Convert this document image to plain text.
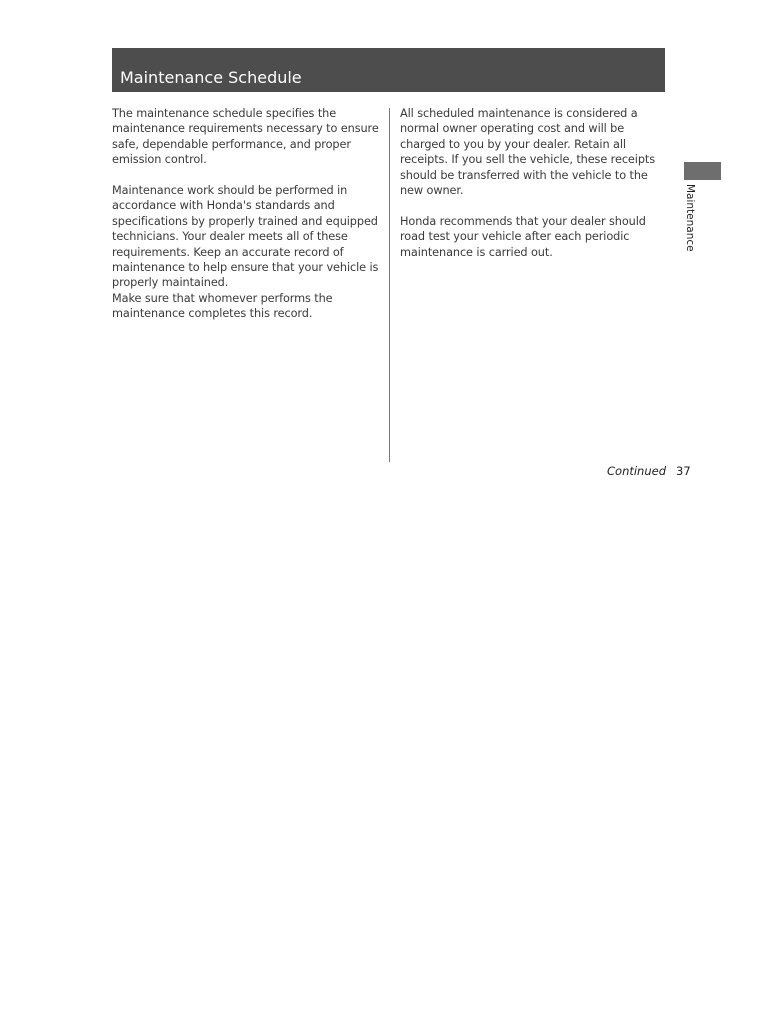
Maintenance Schedule

The maintenance schedule specifies the maintenance requirements necessary to ensure safe, dependable performance, and proper emission control.

Maintenance work should be performed in accordance with Honda's standards and specifications by properly trained and equipped technicians. Your dealer meets all of these requirements. Keep an accurate record of maintenance to help ensure that your vehicle is properly maintained.

Make sure that whomever performs the maintenance completes this record.

All scheduled maintenance is considered a normal owner operating cost and will be charged to you by your dealer. Retain all receipts. If you sell the vehicle, these receipts should be transferred with the vehicle to the new owner.

Honda recommends that your dealer should road test your vehicle after each periodic maintenance is carried out.

Maintenance
Continued 37
